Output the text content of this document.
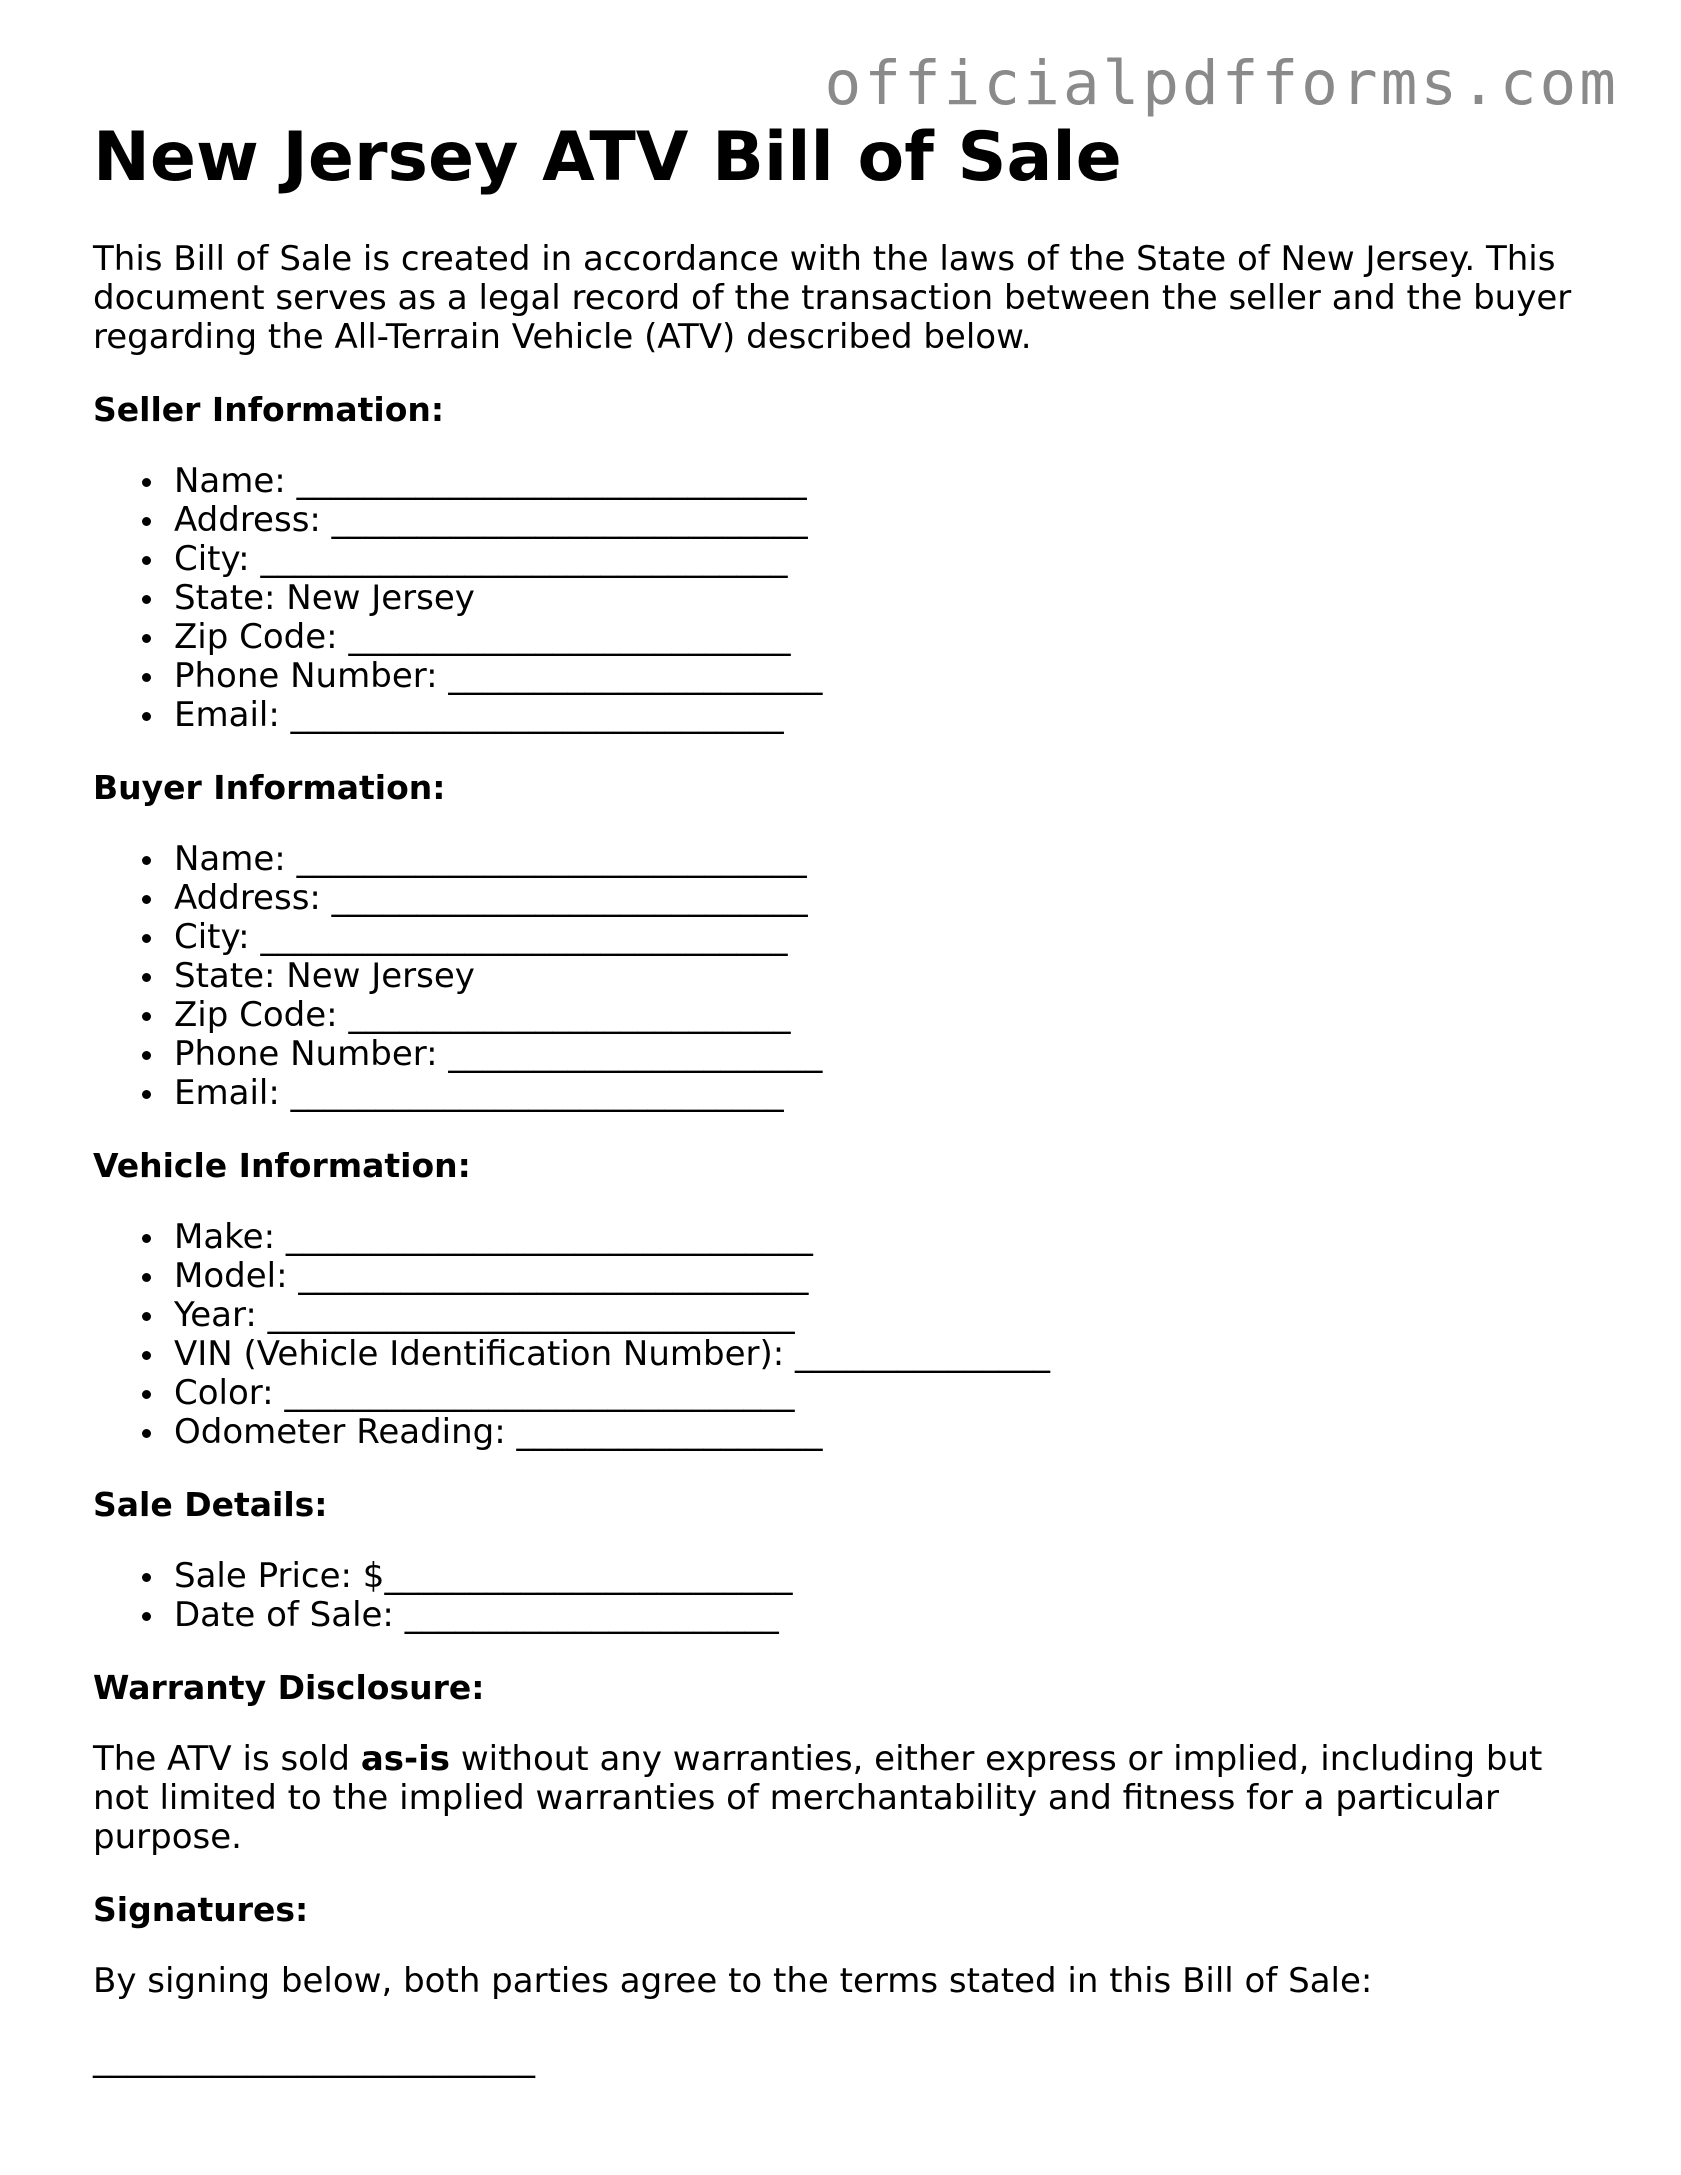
officialpdfforms.com
New Jersey ATV Bill of Sale

This Bill of Sale is created in accordance with the laws of the State of New Jersey. This document serves as a legal record of the transaction between the seller and the buyer regarding the All-Terrain Vehicle (ATV) described below.

Seller Information:
Name: ______________________________
Address: ____________________________
City: _______________________________
State: New Jersey
Zip Code: __________________________
Phone Number: ______________________
Email: _____________________________
Buyer Information:
Name: ______________________________
Address: ____________________________
City: _______________________________
State: New Jersey
Zip Code: __________________________
Phone Number: ______________________
Email: _____________________________
Vehicle Information:
Make: _______________________________
Model: ______________________________
Year: _______________________________
VIN (Vehicle Identification Number): _______________
Color: ______________________________
Odometer Reading: __________________
Sale Details:
Sale Price: $________________________
Date of Sale: ______________________
Warranty Disclosure:

The ATV is sold as-is without any warranties, either express or implied, including but not limited to the implied warranties of merchantability and fitness for a particular purpose.

Signatures:

By signing below, both parties agree to the terms stated in this Bill of Sale:

__________________________
